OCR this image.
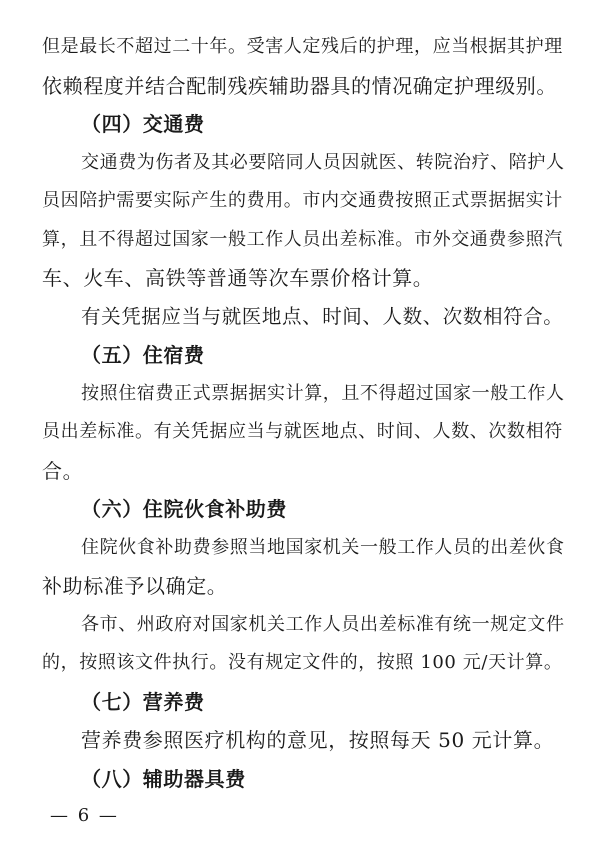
但是最长不超过二十年。受害人定残后的护理，应当根据其护理
依赖程度并结合配制残疾辅助器具的情况确定护理级别。
（四）交通费
交通费为伤者及其必要陪同人员因就医、转院治疗、陪护人
员因陪护需要实际产生的费用。市内交通费按照正式票据据实计
算，且不得超过国家一般工作人员出差标准。市外交通费参照汽
车、火车、高铁等普通等次车票价格计算。
有关凭据应当与就医地点、时间、人数、次数相符合。
（五）住宿费
按照住宿费正式票据据实计算，且不得超过国家一般工作人
员出差标准。有关凭据应当与就医地点、时间、人数、次数相符
合。
（六）住院伙食补助费
住院伙食补助费参照当地国家机关一般工作人员的出差伙食
补助标准予以确定。
各市、州政府对国家机关工作人员出差标准有统一规定文件
的，按照该文件执行。没有规定文件的，按照 100 元/天计算。
（七）营养费
营养费参照医疗机构的意见，按照每天 50 元计算。
（八）辅助器具费
— 6 —
